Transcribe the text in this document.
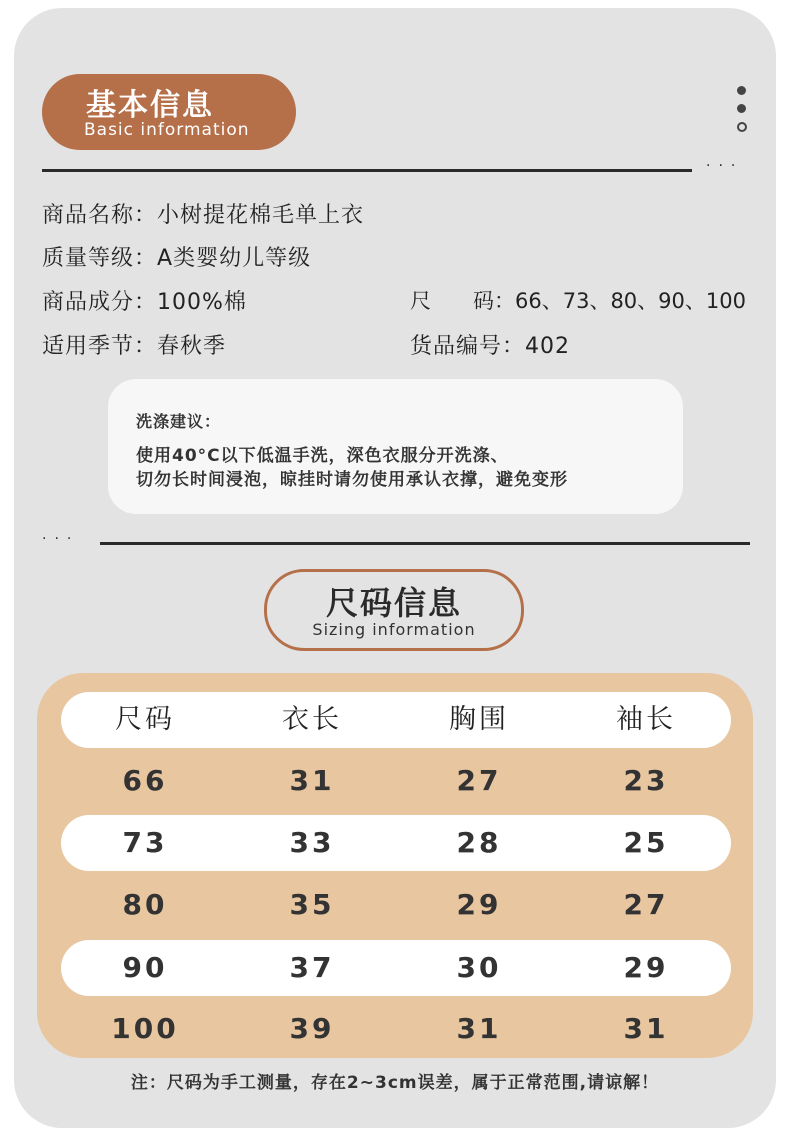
基本信息
Basic information
···
商品名称：小树提花棉毛单上衣
质量等级：A类婴幼儿等级
商品成分：100%棉	尺　　码：66、73、80、90、100
适用季节：春秋季	货品编号：402
洗涤建议：
使用40°C以下低温手洗，深色衣服分开洗涤、
切勿长时间浸泡，晾挂时请勿使用承认衣撑，避免变形
···
尺码信息
Sizing information
尺码	衣长	胸围	袖长
66	31	27	23
73	33	28	25
80	35	29	27
90	37	30	29
100	39	31	31
注：尺码为手工测量，存在2~3cm误差，属于正常范围,请谅解！
